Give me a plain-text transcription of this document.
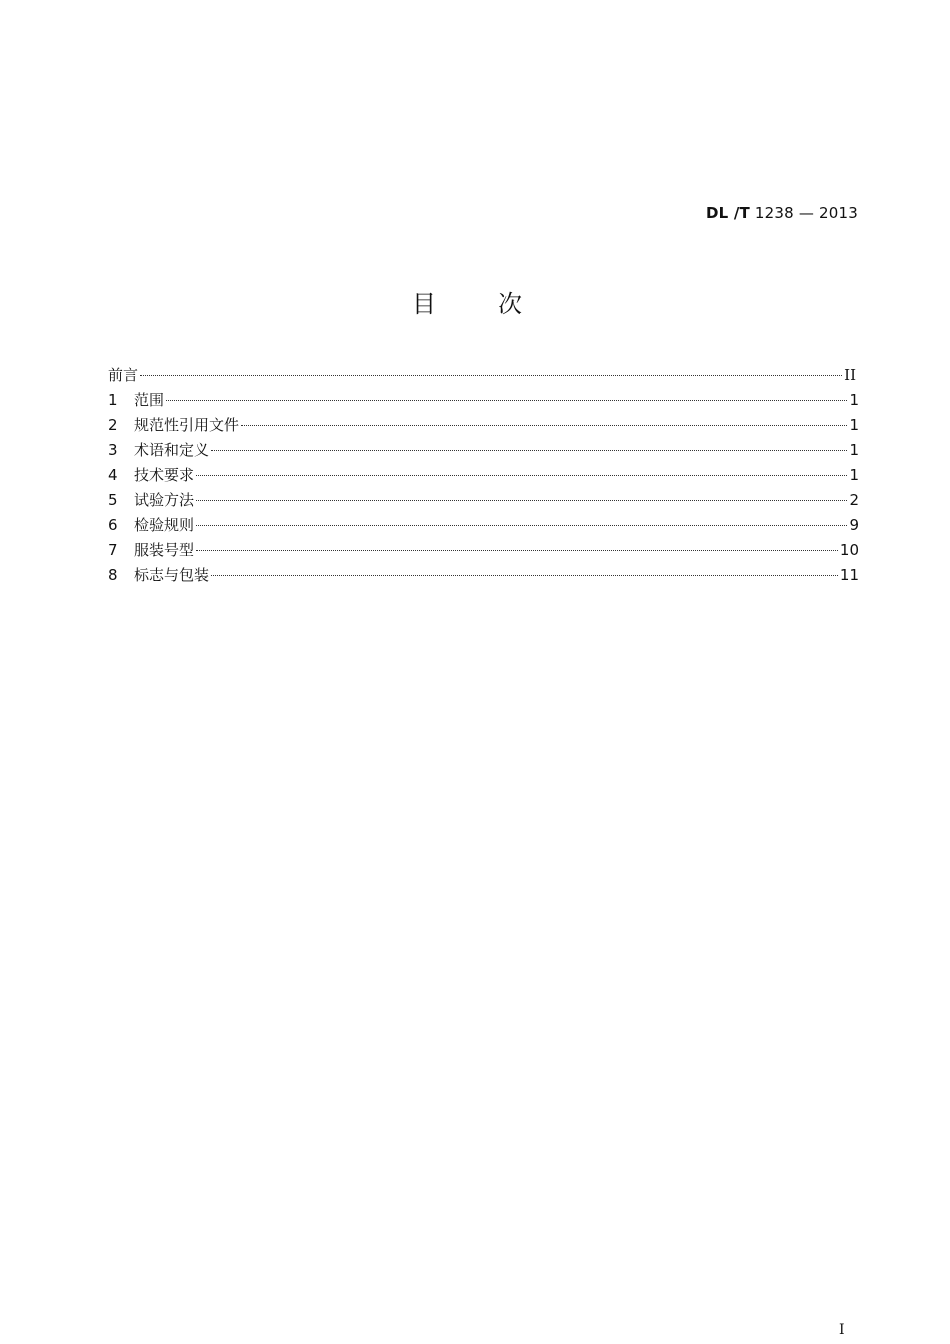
DL /T 1238 — 2013
目次
前言	II
1	范围	1
2	规范性引用文件	1
3	术语和定义	1
4	技术要求	1
5	试验方法	2
6	检验规则	9
7	服装号型	10
8	标志与包装	11
I
